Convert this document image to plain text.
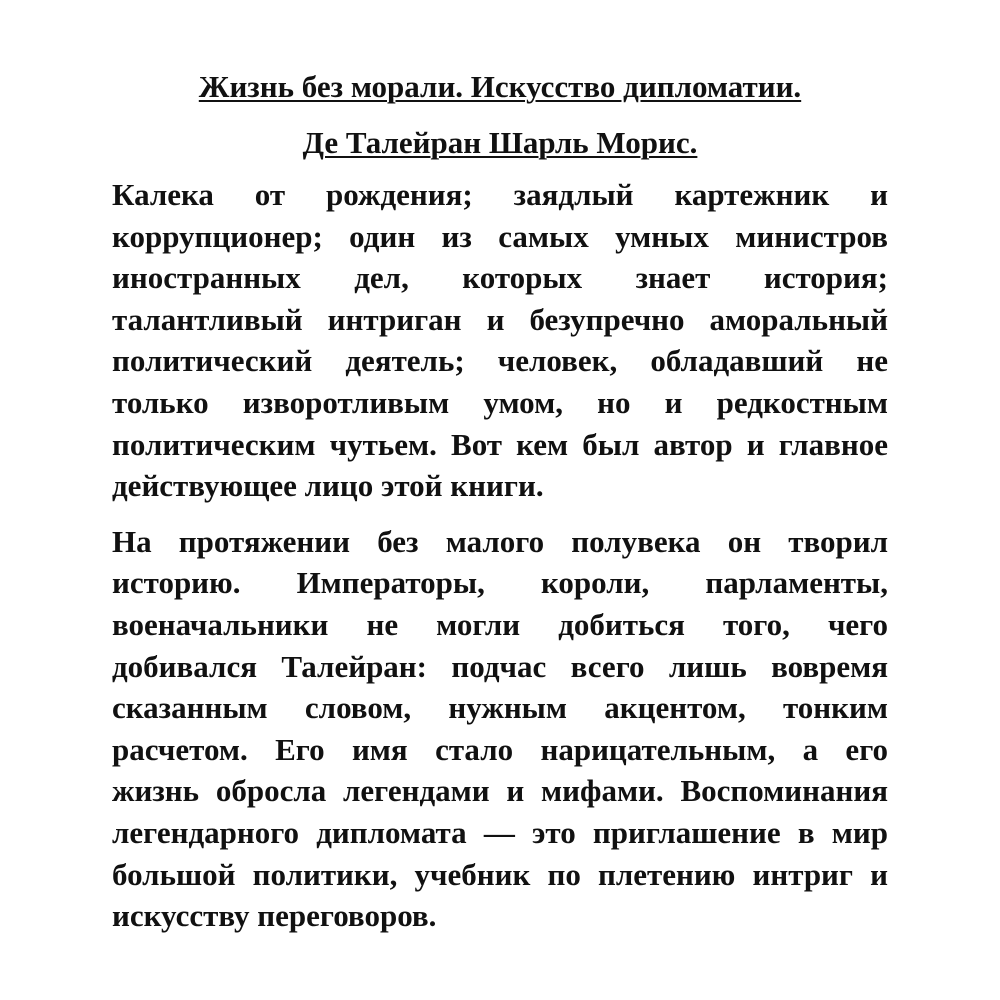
Жизнь без морали. Искусство дипломатии.
Де Талейран Шарль Морис.
Калека от рождения; заядлый картежник и
коррупционер; один из самых умных министров
иностранных дел, которых знает история;
талантливый интриган и безупречно аморальный
политический деятель; человек, обладавший не
только изворотливым умом, но и редкостным
политическим чутьем. Вот кем был автор и главное
действующее лицо этой книги.
На протяжении без малого полувека он творил
историю. Императоры, короли, парламенты,
военачальники не могли добиться того, чего
добивался Талейран: подчас всего лишь вовремя
сказанным словом, нужным акцентом, тонким
расчетом. Его имя стало нарицательным, а его
жизнь обросла легендами и мифами. Воспоминания
легендарного дипломата — это приглашение в мир
большой политики, учебник по плетению интриг и
искусству переговоров.
